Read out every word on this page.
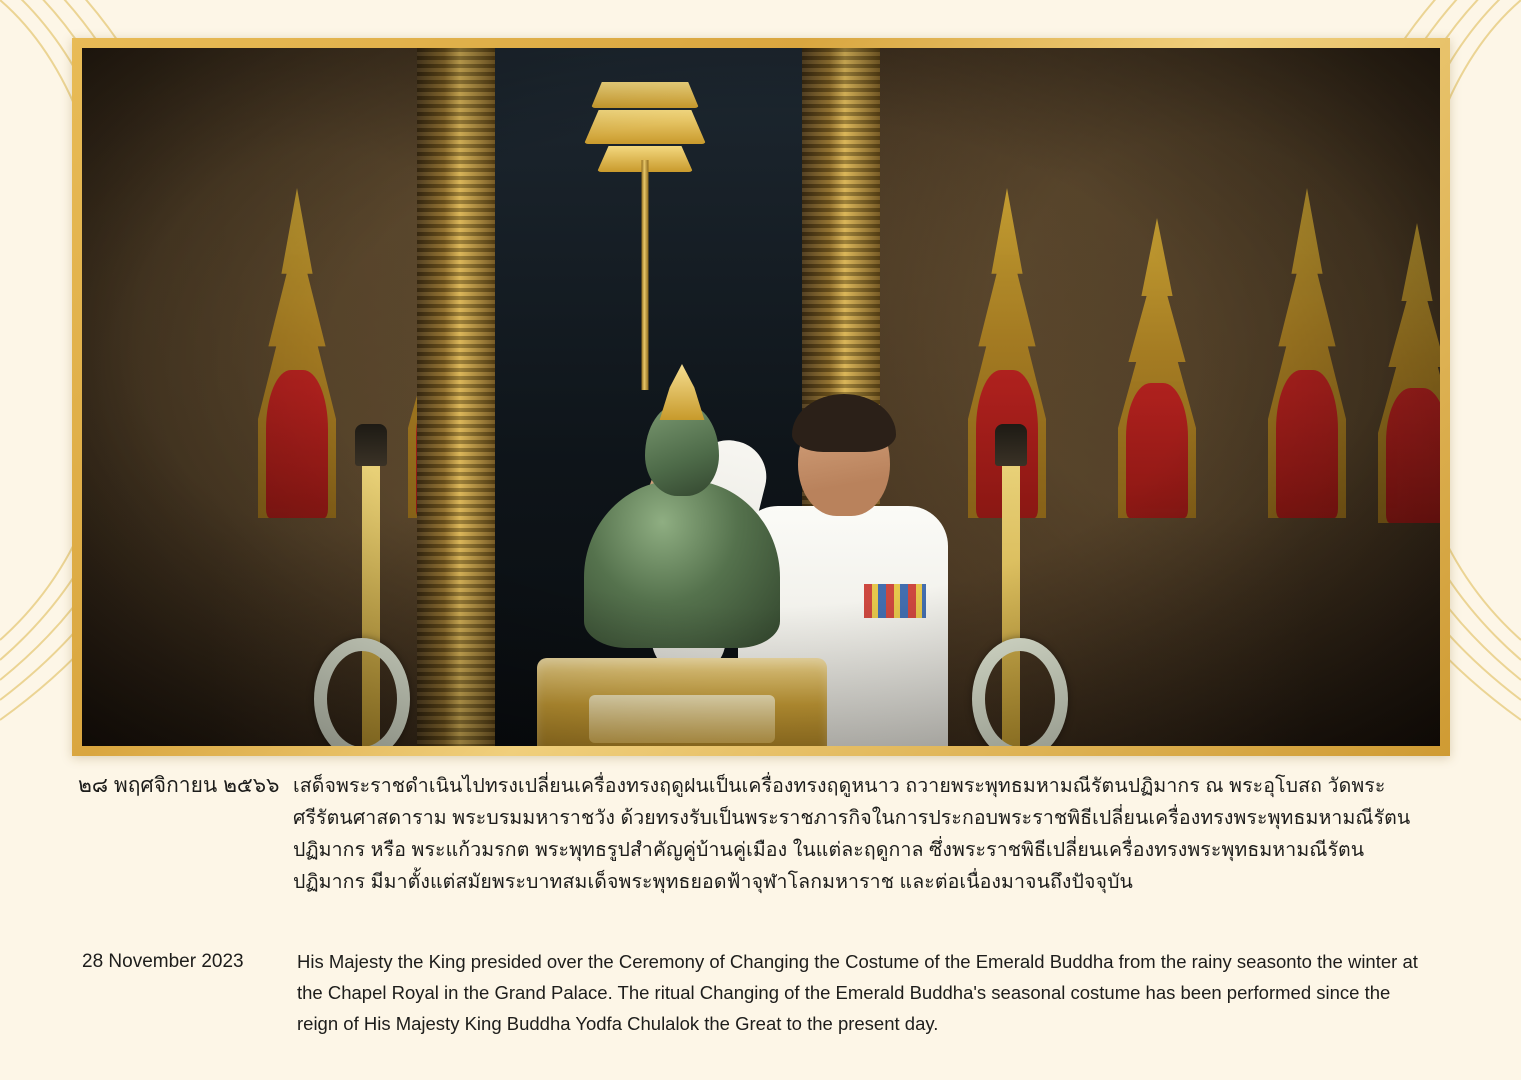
๒๘ พฤศจิกายน ๒๕๖๖ เสด็จพระราชดำเนินไปทรงเปลี่ยนเครื่องทรงฤดูฝนเป็นเครื่องทรงฤดูหนาว ถวายพระพุทธมหามณีรัตนปฏิมากร ณ พระอุโบสถ วัดพระศรีรัตนศาสดาราม พระบรมมหาราชวัง ด้วยทรงรับเป็นพระราชภารกิจในการประกอบพระราชพิธีเปลี่ยนเครื่องทรงพระพุทธมหามณีรัตนปฏิมากร หรือ พระแก้วมรกต พระพุทธรูปสำคัญคู่บ้านคู่เมือง ในแต่ละฤดูกาล ซึ่งพระราชพิธีเปลี่ยนเครื่องทรงพระพุทธมหามณีรัตนปฏิมากร มีมาตั้งแต่สมัยพระบาทสมเด็จพระพุทธยอดฟ้าจุฬาโลกมหาราช และต่อเนื่องมาจนถึงปัจจุบัน
28 November 2023	His Majesty the King presided over the Ceremony of Changing the Costume of the Emerald Buddha from the rainy seasonto the winter at the Chapel Royal in the Grand Palace. The ritual Changing of the Emerald Buddha's seasonal costume has been performed since the reign of His Majesty King Buddha Yodfa Chulalok the Great to the present day.
